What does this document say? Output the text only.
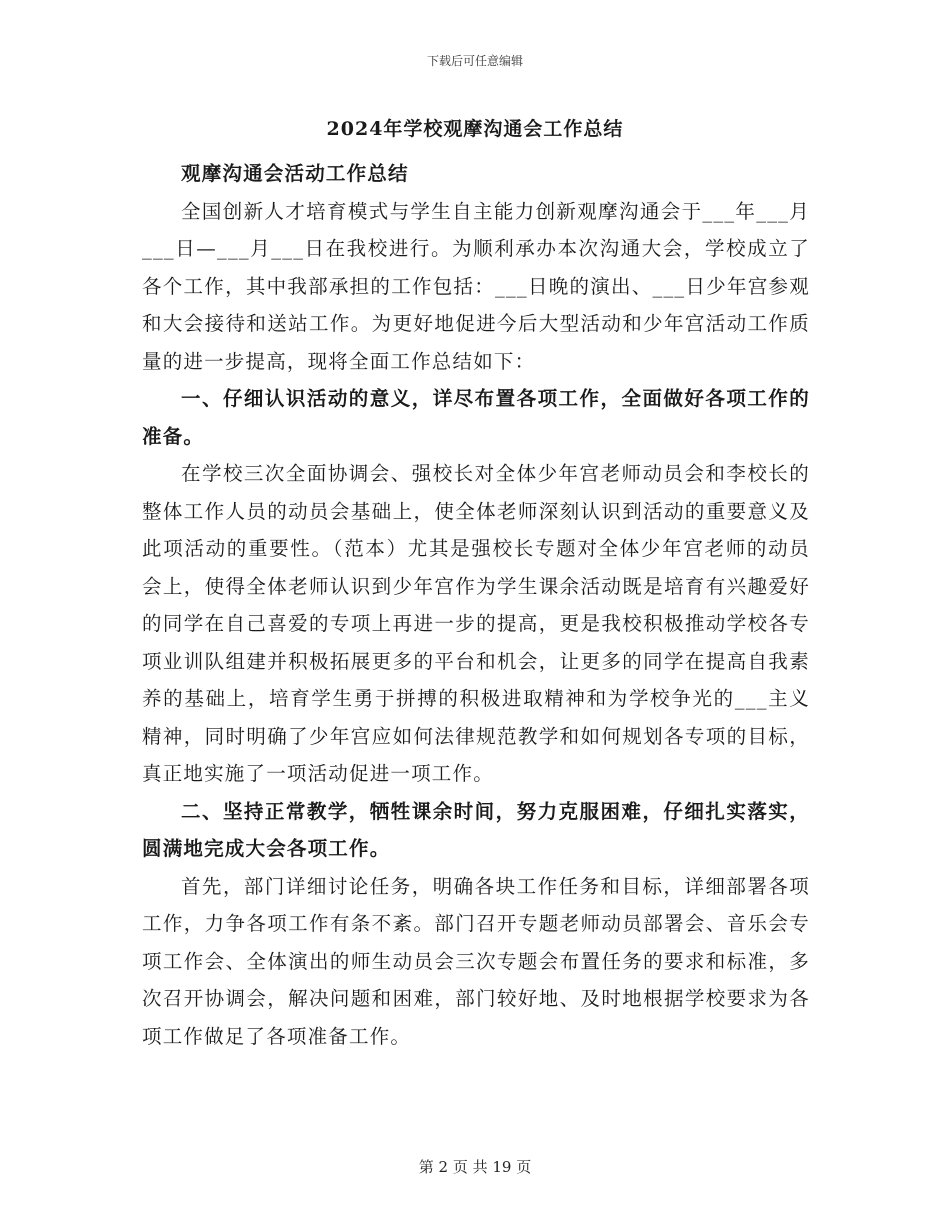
下载后可任意编辑
2024年学校观摩沟通会工作总结

观摩沟通会活动工作总结

全国创新人才培育模式与学生自主能力创新观摩沟通会于___年___月___日—___月___日在我校进行。为顺利承办本次沟通大会，学校成立了各个工作，其中我部承担的工作包括：___日晚的演出、___日少年宫参观和大会接待和送站工作。为更好地促进今后大型活动和少年宫活动工作质量的进一步提高，现将全面工作总结如下：

一、仔细认识活动的意义，详尽布置各项工作，全面做好各项工作的准备。

在学校三次全面协调会、强校长对全体少年宫老师动员会和李校长的整体工作人员的动员会基础上，使全体老师深刻认识到活动的重要意义及此项活动的重要性。（范本）尤其是强校长专题对全体少年宫老师的动员会上，使得全体老师认识到少年宫作为学生课余活动既是培育有兴趣爱好的同学在自己喜爱的专项上再进一步的提高，更是我校积极推动学校各专项业训队组建并积极拓展更多的平台和机会，让更多的同学在提高自我素养的基础上，培育学生勇于拼搏的积极进取精神和为学校争光的___主义精神，同时明确了少年宫应如何法律规范教学和如何规划各专项的目标，真正地实施了一项活动促进一项工作。

二、坚持正常教学，牺牲课余时间，努力克服困难，仔细扎实落实，圆满地完成大会各项工作。

首先，部门详细讨论任务，明确各块工作任务和目标，详细部署各项工作，力争各项工作有条不紊。部门召开专题老师动员部署会、音乐会专项工作会、全体演出的师生动员会三次专题会布置任务的要求和标准，多次召开协调会，解决问题和困难，部门较好地、及时地根据学校要求为各项工作做足了各项准备工作。

第 2 页 共 19 页
